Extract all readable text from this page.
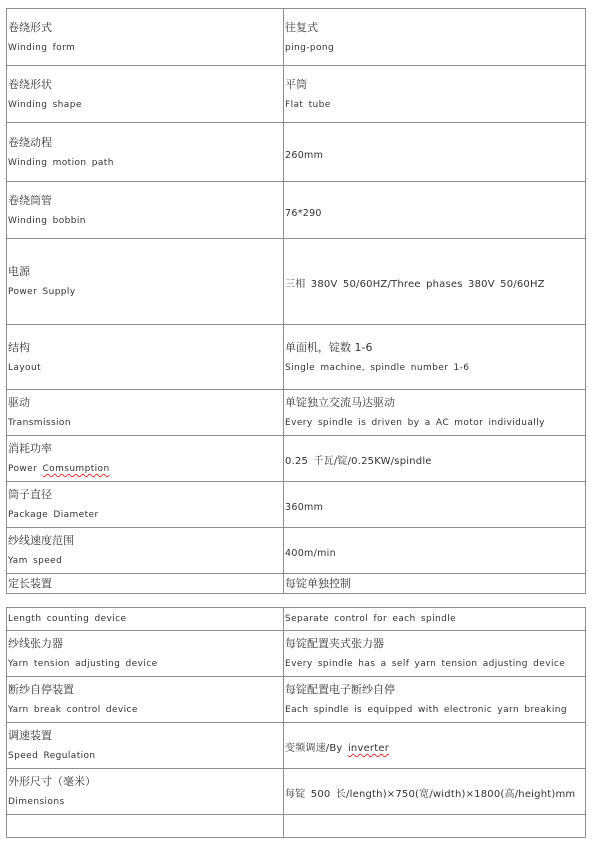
卷绕形式
Winding form	往复式
ping-pong

卷绕形状
Winding shape	平筒
Flat tube

卷绕动程
Winding motion path	260mm

卷绕筒管
Winding bobbin	76*290

电源
Power Supply	三相 380V 50/60HZ/Three phases 380V 50/60HZ

结构
Layout	单面机，锭数 1-6
Single machine, spindle number 1-6

驱动
Transmission	单锭独立交流马达驱动
Every spindle is driven by a AC motor individually

消耗功率
Power Comsumption	0.25 千瓦/锭/0.25KW/spindle

筒子直径
Package Diameter	360mm

纱线速度范围
Yam speed	400m/min

定长装置	每锭单独控制
Length counting device	Separate control for each spindle

纱线张力器
Yarn tension adjusting device	每锭配置夹式张力器
Every spindle has a self yarn tension adjusting device

断纱自停装置
Yarn break control device	每锭配置电子断纱自停
Each spindle is equipped with electronic yarn breaking

调速装置
Speed Regulation	变频调速/By inverter

外形尺寸（毫米）
Dimensions	每锭 500 长/length)×750(宽/width)×1800(高/height)mm
